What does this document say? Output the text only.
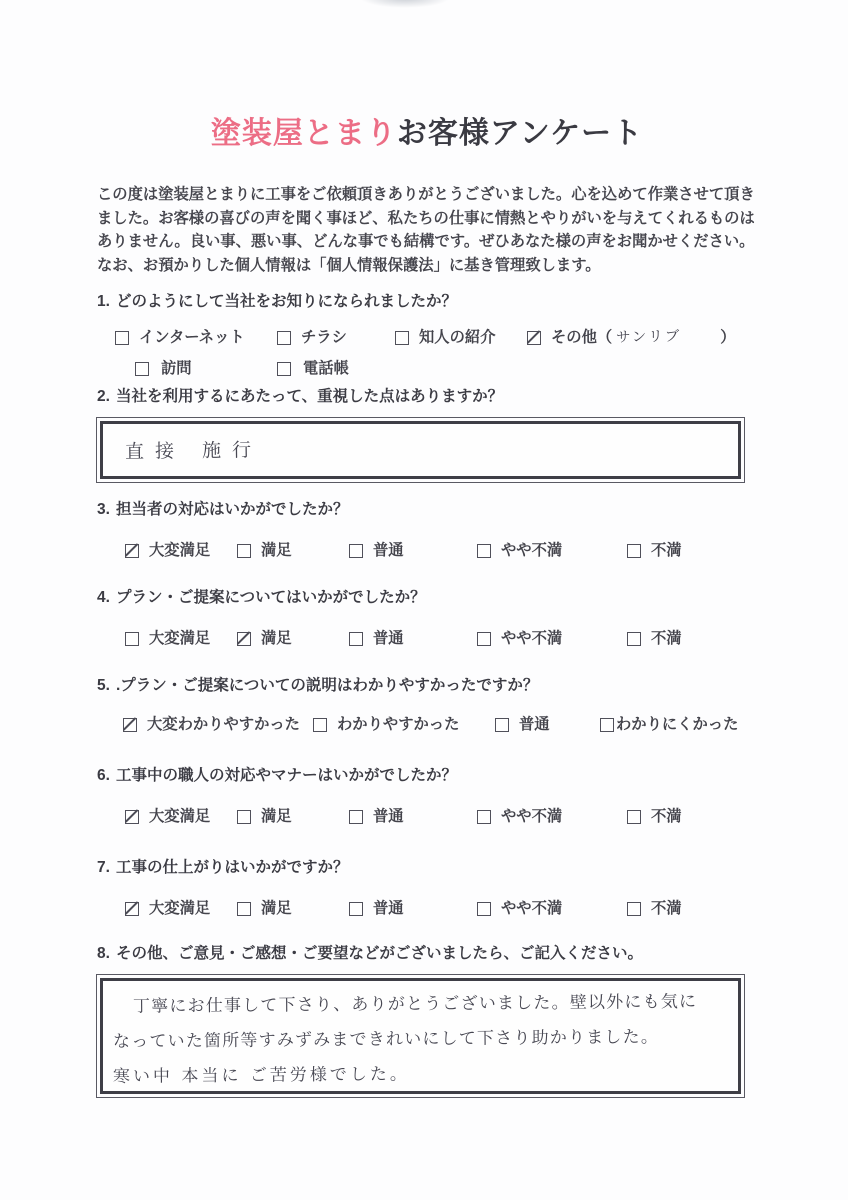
塗装屋とまりお客様アンケート
この度は塗装屋とまりに工事をご依頼頂きありがとうございました。心を込めて作業させて頂き
ました。お客様の喜びの声を聞く事ほど、私たちの仕事に情熱とやりがいを与えてくれるものは
ありません。良い事、悪い事、どんな事でも結構です。ぜひあなた様の声をお聞かせください。
なお、お預かりした個人情報は「個人情報保護法」に基き管理致します。
1. どのようにして当社をお知りになられましたか？
インターネット	チラシ	知人の紹介	その他（ サンリブ	）
訪問	電話帳
2. 当社を利用するにあたって、重視した点はありますか？
直接 施行
3. 担当者の対応はいかがでしたか？
大変満足	満足	普通	やや不満	不満
4. プラン・ご提案についてはいかがでしたか？
大変満足	満足	普通	やや不満	不満
5. .プラン・ご提案についての説明はわかりやすかったですか？
大変わかりやすかった わかりやすかった	普通	わかりにくかった
6. 工事中の職人の対応やマナーはいかがでしたか？
大変満足	満足	普通	やや不満	不満
7. 工事の仕上がりはいかがですか？
大変満足	満足	普通	やや不満	不満
8. その他、ご意見・ご感想・ご要望などがございましたら、ご記入ください。
丁寧にお仕事して下さり、ありがとうございました。壁以外にも気に
なっていた箇所等すみずみまできれいにして下さり助かりました。
寒い中 本当に ご苦労様でした。
